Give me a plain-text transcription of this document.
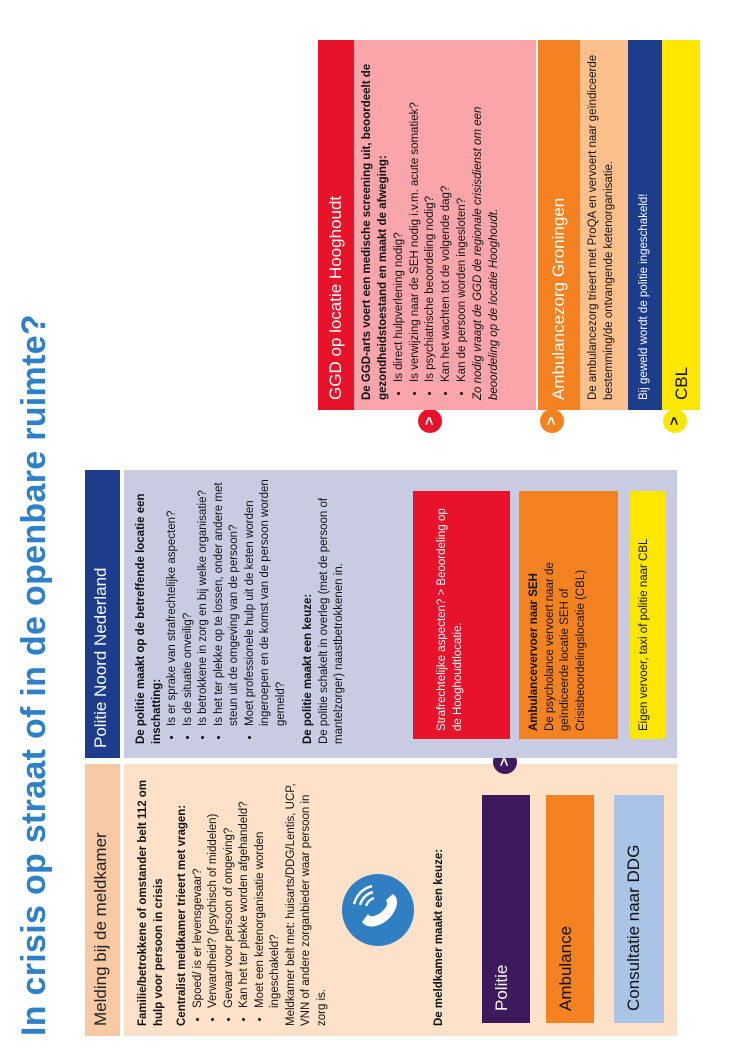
In crisis op straat of in de openbare ruimte?	Melding bij de meldkamer	Familie/betrokkene of omstander belt 112 om hulp voor persoon in crisis Centralist meldkamer trieert met vragen: • Spoed/ is er levensgevaar? • Verwardheid? (psychisch of middelen) • Gevaar voor persoon of omgeving? • Kan het ter plekke worden afgehandeld? • Moet een ketenorganisatie worden ingeschakeld? Meldkamer belt met: huisarts/DDG/Lentis, UCP, VNN of andere zorganbieder waar persoon in zorg is.	De meldkamer maakt een keuze:	Politie	Ambulance	Consultatie naar DDG
>
Politie Noord Nederland	De politie maakt op de betreffende locatie een inschatting: • Is er sprake van strafrechtelijke aspecten? • Is de situatie onveilig? • Is betrokkene in zorg en bij welke organisatie? • Is het ter plekke op te lossen, onder andere met steun uit de omgeving van de persoon? • Moet professionele hulp uit de keten worden ingeroepen en de komst van de persoon worden gemeld? De politie maakt een keuze: De politie schakelt in overleg (met de persoon of mantelzorger) naastbetrokkenen in.	Strafrechtelijke aspecten? > Beoordeling op de Hooghoudtlocatie.	Ambulancevervoer naar SEH De psycholance vervoert naar de geïndiceerde locatie SEH of Crisisbeoordelingslocatie (CBL)	Eigen vervoer, taxi of politie naar CBL
>	>	>
GGD op locatie Hooghoudt	De GGD-arts voert een medische screening uit, beoordeelt de gezondheidstoestand en maakt de afweging: • Is direct hulpverlening nodig? • Is verwijzing naar de SEH nodig i.v.m. acute somatiek? • Is psychiatrische beoordeling nodig? • Kan het wachten tot de volgende dag? • Kan de persoon worden ingesloten? Zo nodig vraagt de GGD de regionale crisisdienst om een beoordeling op de locatie Hooghoudt.	Ambulancezorg Groningen	De ambulancezorg trieert met ProQA en vervoert naar geïndiceerde bestemming/de ontvangende ketenorganisatie.	Bij geweld wordt de politie ingeschakeld!	CBL
